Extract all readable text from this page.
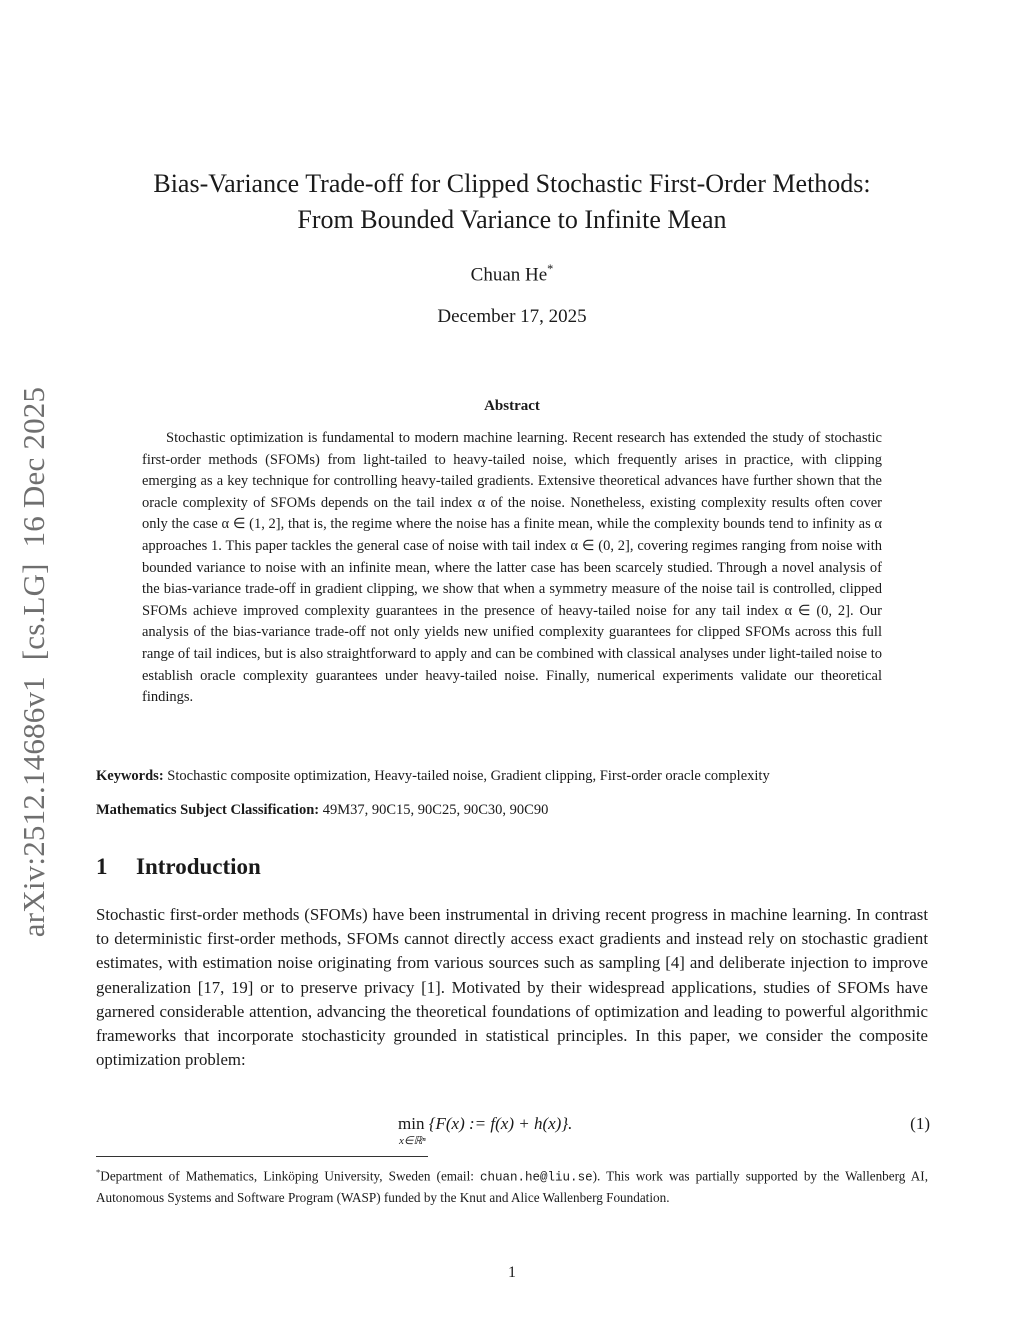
arXiv:2512.14686v1  [cs.LG]  16 Dec 2025
Bias-Variance Trade-off for Clipped Stochastic First-Order Methods:
From Bounded Variance to Infinite Mean
Chuan He*
December 17, 2025
Abstract

Stochastic optimization is fundamental to modern machine learning. Recent research has extended the study of stochastic first-order methods (SFOMs) from light-tailed to heavy-tailed noise, which frequently arises in practice, with clipping emerging as a key technique for controlling heavy-tailed gradients. Extensive theoretical advances have further shown that the oracle complexity of SFOMs depends on the tail index α of the noise. Nonetheless, existing complexity results often cover only the case α ∈ (1, 2], that is, the regime where the noise has a finite mean, while the complexity bounds tend to infinity as α approaches 1. This paper tackles the general case of noise with tail index α ∈ (0, 2], covering regimes ranging from noise with bounded variance to noise with an infinite mean, where the latter case has been scarcely studied. Through a novel analysis of the bias-variance trade-off in gradient clipping, we show that when a symmetry measure of the noise tail is controlled, clipped SFOMs achieve improved complexity guarantees in the presence of heavy-tailed noise for any tail index α ∈ (0, 2]. Our analysis of the bias-variance trade-off not only yields new unified complexity guarantees for clipped SFOMs across this full range of tail indices, but is also straightforward to apply and can be combined with classical analyses under light-tailed noise to establish oracle complexity guarantees under heavy-tailed noise. Finally, numerical experiments validate our theoretical findings.

Keywords: Stochastic composite optimization, Heavy-tailed noise, Gradient clipping, First-order oracle complexity
Mathematics Subject Classification: 49M37, 90C15, 90C25, 90C30, 90C90
1 Introduction

Stochastic first-order methods (SFOMs) have been instrumental in driving recent progress in machine learning. In contrast to deterministic first-order methods, SFOMs cannot directly access exact gradients and instead rely on stochastic gradient estimates, with estimation noise originating from various sources such as sampling [4] and deliberate injection to improve generalization [17, 19] or to preserve privacy [1]. Motivated by their widespread applications, studies of SFOMs have garnered considerable attention, advancing the theoretical foundations of optimization and leading to powerful algorithmic frameworks that incorporate stochasticity grounded in statistical principles. In this paper, we consider the composite optimization problem:

min {F(x) := f(x) + h(x)}.
x∈ℝⁿ
(1)

*Department of Mathematics, Linköping University, Sweden (email: chuan.he@liu.se). This work was partially supported by the Wallenberg AI, Autonomous Systems and Software Program (WASP) funded by the Knut and Alice Wallenberg Foundation.

1
